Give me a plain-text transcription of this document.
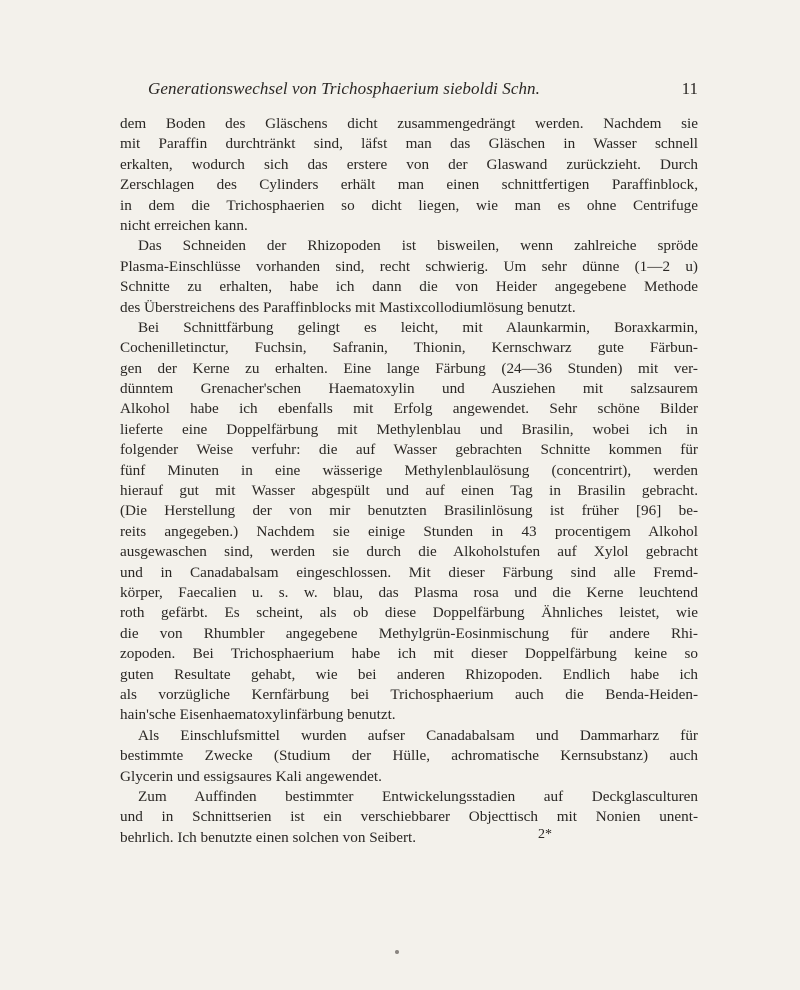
Generationswechsel von Trichosphaerium sieboldi Schn.	11
dem Boden des Gläschens dicht zusammengedrängt werden. Nachdem sie
mit Paraffin durchtränkt sind, läfst man das Gläschen in Wasser schnell
erkalten, wodurch sich das erstere von der Glaswand zurückzieht. Durch
Zerschlagen des Cylinders erhält man einen schnittfertigen Paraffinblock,
in dem die Trichosphaerien so dicht liegen, wie man es ohne Centrifuge
nicht erreichen kann.
Das Schneiden der Rhizopoden ist bisweilen, wenn zahlreiche spröde
Plasma-Einschlüsse vorhanden sind, recht schwierig. Um sehr dünne (1—2 u)
Schnitte zu erhalten, habe ich dann die von Heider angegebene Methode
des Überstreichens des Paraffinblocks mit Mastixcollodiumlösung benutzt.
Bei Schnittfärbung gelingt es leicht, mit Alaunkarmin, Boraxkarmin,
Cochenilletinctur, Fuchsin, Safranin, Thionin, Kernschwarz gute Färbun-
gen der Kerne zu erhalten. Eine lange Färbung (24—36 Stunden) mit ver-
dünntem Grenacher'schen Haematoxylin und Ausziehen mit salzsaurem
Alkohol habe ich ebenfalls mit Erfolg angewendet. Sehr schöne Bilder
lieferte eine Doppelfärbung mit Methylenblau und Brasilin, wobei ich in
folgender Weise verfuhr: die auf Wasser gebrachten Schnitte kommen für
fünf Minuten in eine wässerige Methylenblaulösung (concentrirt), werden
hierauf gut mit Wasser abgespült und auf einen Tag in Brasilin gebracht.
(Die Herstellung der von mir benutzten Brasilinlösung ist früher [96] be-
reits angegeben.) Nachdem sie einige Stunden in 43 procentigem Alkohol
ausgewaschen sind, werden sie durch die Alkoholstufen auf Xylol gebracht
und in Canadabalsam eingeschlossen. Mit dieser Färbung sind alle Fremd-
körper, Faecalien u. s. w. blau, das Plasma rosa und die Kerne leuchtend
roth gefärbt. Es scheint, als ob diese Doppelfärbung Ähnliches leistet, wie
die von Rhumbler angegebene Methylgrün-Eosinmischung für andere Rhi-
zopoden. Bei Trichosphaerium habe ich mit dieser Doppelfärbung keine so
guten Resultate gehabt, wie bei anderen Rhizopoden. Endlich habe ich
als vorzügliche Kernfärbung bei Trichosphaerium auch die Benda-Heiden-
hain'sche Eisenhaematoxylinfärbung benutzt.
Als Einschlufsmittel wurden aufser Canadabalsam und Dammarharz für
bestimmte Zwecke (Studium der Hülle, achromatische Kernsubstanz) auch
Glycerin und essigsaures Kali angewendet.
Zum Auffinden bestimmter Entwickelungsstadien auf Deckglasculturen
und in Schnittserien ist ein verschiebbarer Objecttisch mit Nonien unent-
behrlich. Ich benutzte einen solchen von Seibert.	2*
